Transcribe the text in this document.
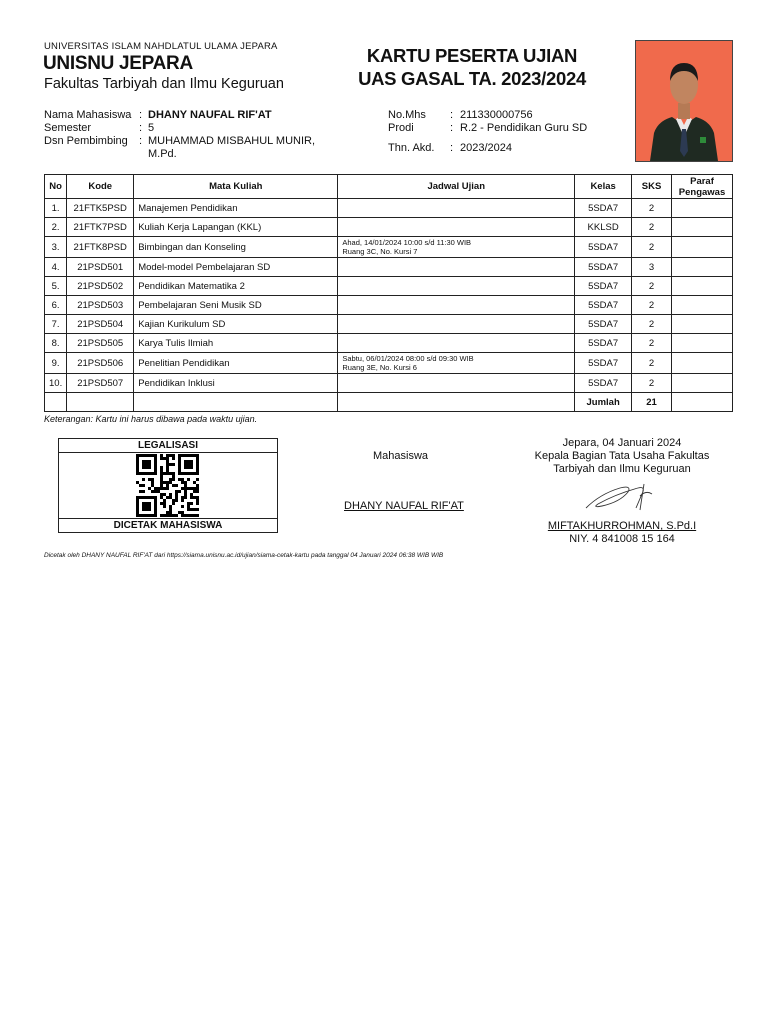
UNIVERSITAS ISLAM NAHDLATUL ULAMA JEPARA
UNISNU JEPARA
Fakultas Tarbiyah dan Ilmu Keguruan
KARTU PESERTA UJIAN
UAS GASAL TA. 2023/2024
Nama Mahasiswa : DHANY NAUFAL RIF'AT
Semester	: 5
Dsn Pembimbing : MUHAMMAD MISBAHUL MUNIR,
M.Pd.
No.Mhs : 211330000756
Prodi	: R.2 - Pendidikan Guru SD
Thn. Akd. : 2023/2024
No	Kode	Mata Kuliah	Jadwal Ujian	Kelas	SKS	Paraf
Pengawas

1.	21FTK5PSD	Manajemen Pendidikan		5SDA7	2	
2.	21FTK7PSD	Kuliah Kerja Lapangan (KKL)		KKLSD	2	
3.	21FTK8PSD	Bimbingan dan Konseling	Ahad, 14/01/2024 10:00 s/d 11:30 WIB
Ruang 3C, No. Kursi 7	5SDA7	2	
4.	21PSD501	Model-model Pembelajaran SD		5SDA7	3	
5.	21PSD502	Pendidikan Matematika 2		5SDA7	2	
6.	21PSD503	Pembelajaran Seni Musik SD		5SDA7	2	
7.	21PSD504	Kajian Kurikulum SD		5SDA7	2	
8.	21PSD505	Karya Tulis Ilmiah		5SDA7	2	
9.	21PSD506	Penelitian Pendidikan	Sabtu, 06/01/2024 08:00 s/d 09:30 WIB
Ruang 3E, No. Kursi 6	5SDA7	2	
10.	21PSD507	Pendidikan Inklusi		5SDA7	2	
				Jumlah	21	
Keterangan: Kartu ini harus dibawa pada waktu ujian.
LEGALISASI
DICETAK MAHASISWA
Mahasiswa
DHANY NAUFAL RIF'AT
Jepara, 04 Januari 2024
Kepala Bagian Tata Usaha Fakultas
Tarbiyah dan Ilmu Keguruan
MIFTAKHURROHMAN, S.Pd.I
NIY. 4 841008 15 164
Dicetak oleh DHANY NAUFAL RIF'AT dari https://siama.unisnu.ac.id/ujian/siama-cetak-kartu pada tanggal 04 Januari 2024 06:38 WIB WIB
